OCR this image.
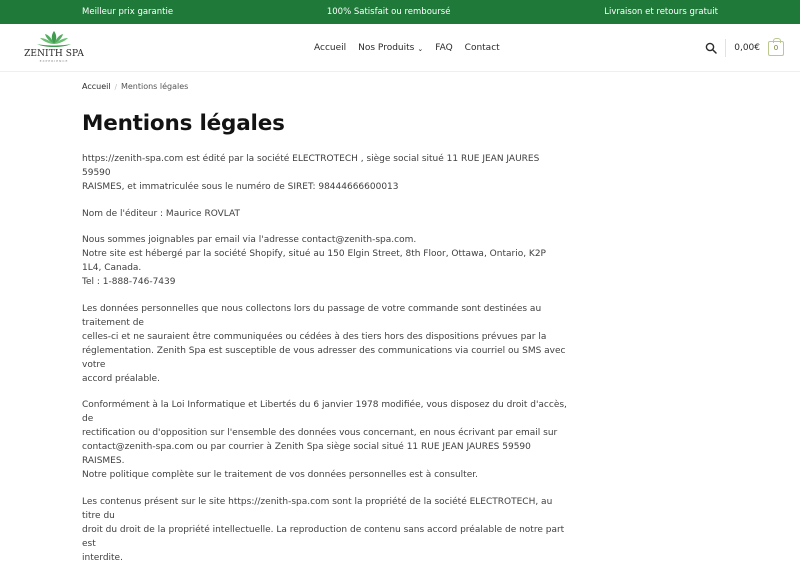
Meilleur prix garantie	100% Satisfait ou remboursé	Livraison et retours gratuit
ZENITH SPA
EXPERIENCE
Accueil Nos Produits ⌄ FAQ Contact	0,00€ 0
Accueil / Mentions légales
Mentions légales

https://zenith-spa.com est édité par la société ELECTROTECH , siège social situé 11 RUE JEAN JAURES 59590
RAISMES, et immatriculée sous le numéro de SIRET: 98444666600013

Nom de l'éditeur : Maurice ROVLAT

Nous sommes joignables par email via l'adresse contact@zenith-spa.com.
Notre site est hébergé par la société Shopify, situé au 150 Elgin Street, 8th Floor, Ottawa, Ontario, K2P 1L4, Canada.
Tel : 1-888-746-7439

Les données personnelles que nous collectons lors du passage de votre commande sont destinées au traitement de
celles-ci et ne sauraient être communiquées ou cédées à des tiers hors des dispositions prévues par la
réglementation. Zenith Spa est susceptible de vous adresser des communications via courriel ou SMS avec votre
accord préalable.

Conformément à la Loi Informatique et Libertés du 6 janvier 1978 modifiée, vous disposez du droit d'accès, de
rectification ou d'opposition sur l'ensemble des données vous concernant, en nous écrivant par email sur
contact@zenith-spa.com ou par courrier à Zenith Spa siège social situé 11 RUE JEAN JAURES 59590 RAISMES.
Notre politique complète sur le traitement de vos données personnelles est à consulter.

Les contenus présent sur le site https://zenith-spa.com sont la propriété de la société ELECTROTECH, au titre du
droit du droit de la propriété intellectuelle. La reproduction de contenu sans accord préalable de notre part est
interdite.
